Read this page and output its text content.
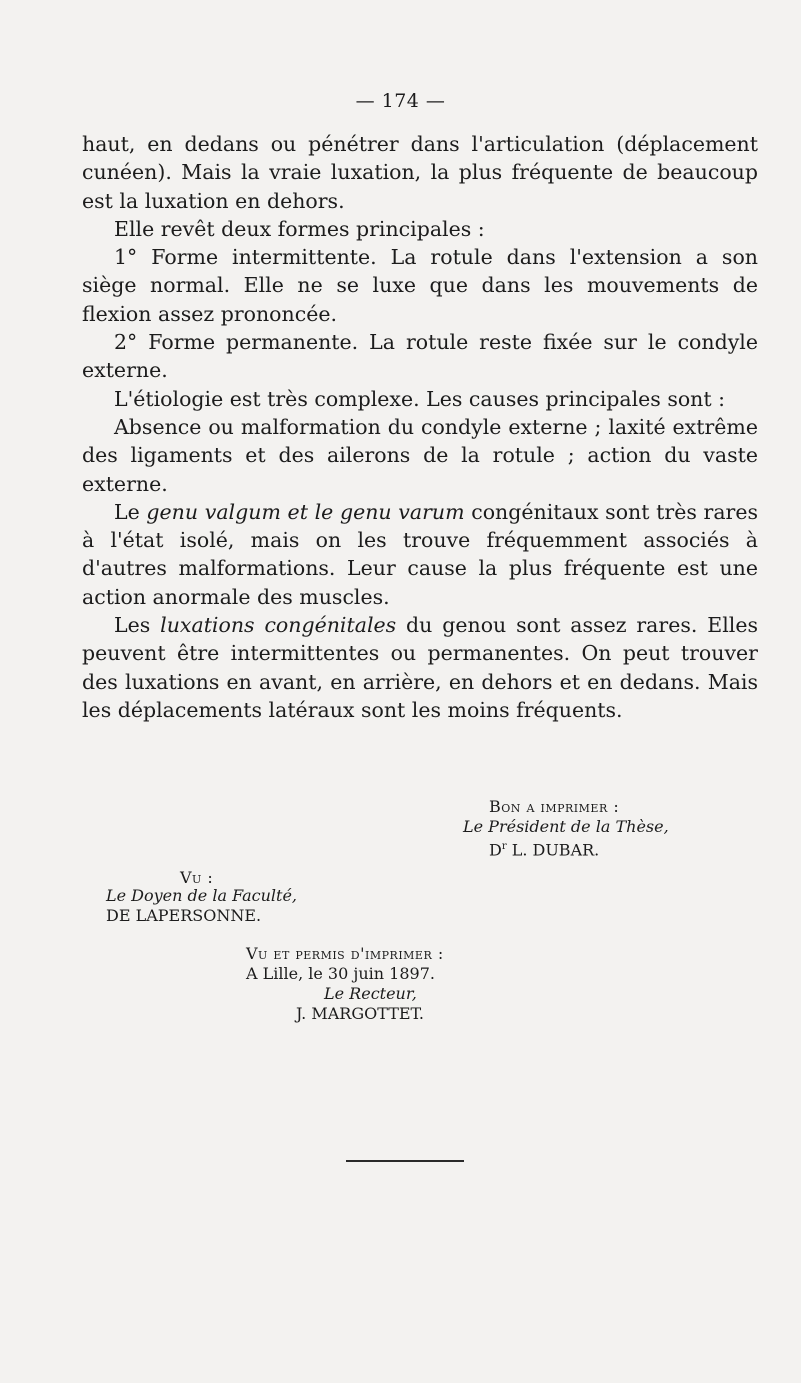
— 174 —

haut, en dedans ou pénétrer dans l'articulation (déplacement cunéen). Mais la vraie luxation, la plus fréquente de beaucoup est la luxation en dehors.

Elle revêt deux formes principales :

1° Forme intermittente. La rotule dans l'extension a son siège normal. Elle ne se luxe que dans les mouvements de flexion assez prononcée.

2° Forme permanente. La rotule reste fixée sur le condyle externe.

L'étiologie est très complexe. Les causes principales sont :

Absence ou malformation du condyle externe ; laxité extrême des ligaments et des ailerons de la rotule ; action du vaste externe.

Le genu valgum et le genu varum congénitaux sont très rares à l'état isolé, mais on les trouve fréquemment associés à d'autres malformations. Leur cause la plus fréquente est une action anormale des muscles.

Les luxations congénitales du genou sont assez rares. Elles peuvent être intermittentes ou permanentes. On peut trouver des luxations en avant, en arrière, en dehors et en dedans. Mais les déplacements latéraux sont les moins fréquents.

Bon a imprimer :
Le Président de la Thèse,
$D^r$ L. DUBAR.
Vu :
Le Doyen de la Faculté,
DE LAPERSONNE.
Vu et permis d'imprimer :
A Lille, le 30 juin 1897.
Le Recteur,
J. MARGOTTET.
